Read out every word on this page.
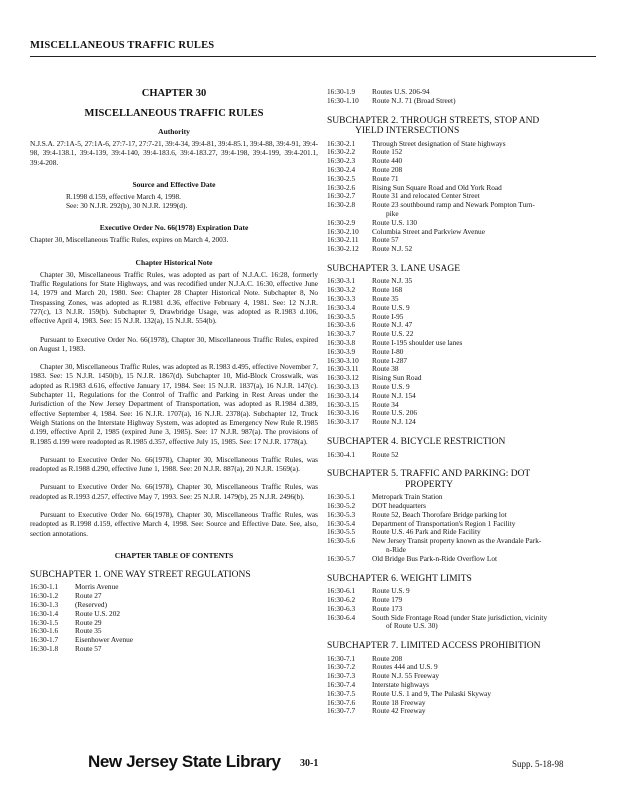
MISCELLANEOUS TRAFFIC RULES
CHAPTER 30
MISCELLANEOUS TRAFFIC RULES
Authority
N.J.S.A. 27:1A-5, 27:1A-6, 27:7-17, 27:7-21, 39:4-34, 39:4-81, 39:4-85.1, 39:4-88, 39:4-91, 39:4-98, 39:4-138.1, 39:4-139, 39:4-140, 39:4-183.6, 39:4-183.27, 39:4-198, 39:4-199, 39:4-201.1, 39:4-208.
Source and Effective Date
R.1998 d.159, effective March 4, 1998.
See: 30 N.J.R. 292(b), 30 N.J.R. 1299(d).
Executive Order No. 66(1978) Expiration Date
Chapter 30, Miscellaneous Traffic Rules, expires on March 4, 2003.
Chapter Historical Note
Chapter 30, Miscellaneous Traffic Rules, was adopted as part of N.J.A.C. 16:28, formerly Traffic Regulations for State Highways, and was recodified under N.J.A.C. 16:30, effective June 14, 1979 and March 20, 1980. See: Chapter 28 Chapter Historical Note. Subchapter 8, No Trespassing Zones, was adopted as R.1981 d.36, effective February 4, 1981. See: 12 N.J.R. 727(c), 13 N.J.R. 159(b). Subchapter 9, Drawbridge Usage, was adopted as R.1983 d.106, effective April 4, 1983. See: 15 N.J.R. 132(a), 15 N.J.R. 554(b).
Pursuant to Executive Order No. 66(1978), Chapter 30, Miscellaneous Traffic Rules, expired on August 1, 1983.
Chapter 30, Miscellaneous Traffic Rules, was adopted as R.1983 d.495, effective November 7, 1983. See: 15 N.J.R. 1450(b), 15 N.J.R. 1867(d). Subchapter 10, Mid-Block Crosswalk, was adopted as R.1983 d.616, effective January 17, 1984. See: 15 N.J.R. 1837(a), 16 N.J.R. 147(c). Subchapter 11, Regulations for the Control of Traffic and Parking in Rest Areas under the Jurisdiction of the New Jersey Department of Transportation, was adopted as R.1984 d.389, effective September 4, 1984. See: 16 N.J.R. 1707(a), 16 N.J.R. 2378(a). Subchapter 12, Truck Weigh Stations on the Interstate Highway System, was adopted as Emergency New Rule R.1985 d.199, effective April 2, 1985 (expired June 3, 1985). See: 17 N.J.R. 987(a). The provisions of R.1985 d.199 were readopted as R.1985 d.357, effective July 15, 1985. See: 17 N.J.R. 1778(a).
Pursuant to Executive Order No. 66(1978), Chapter 30, Miscellaneous Traffic Rules, was readopted as R.1988 d.290, effective June 1, 1988. See: 20 N.J.R. 887(a), 20 N.J.R. 1569(a).
Pursuant to Executive Order No. 66(1978), Chapter 30, Miscellaneous Traffic Rules, was readopted as R.1993 d.257, effective May 7, 1993. See: 25 N.J.R. 1479(b), 25 N.J.R. 2496(b).
Pursuant to Executive Order No. 66(1978), Chapter 30, Miscellaneous Traffic Rules, was readopted as R.1998 d.159, effective March 4, 1998. See: Source and Effective Date. See, also, section annotations.
CHAPTER TABLE OF CONTENTS
SUBCHAPTER 1. ONE WAY STREET REGULATIONS
16:30-1.1	Morris Avenue
16:30-1.2	Route 27
16:30-1.3	(Reserved)
16:30-1.4	Route U.S. 202
16:30-1.5	Route 29
16:30-1.6	Route 35
16:30-1.7	Eisenhower Avenue
16:30-1.8	Route 57
16:30-1.9	Routes U.S. 206-94
16:30-1.10	Route N.J. 71 (Broad Street)
SUBCHAPTER 2. THROUGH STREETS, STOP AND
YIELD INTERSECTIONS
16:30-2.1	Through Street designation of State highways
16:30-2.2	Route 152
16:30-2.3	Route 440
16:30-2.4	Route 208
16:30-2.5	Route 71
16:30-2.6	Rising Sun Square Road and Old York Road
16:30-2.7	Route 31 and relocated Center Street
16:30-2.8	Route 23 southbound ramp and Newark Pompton Turn-
pike
16:30-2.9	Route U.S. 130
16:30-2.10	Columbia Street and Parkview Avenue
16:30-2.11	Route 57
16:30-2.12	Route N.J. 52
SUBCHAPTER 3. LANE USAGE
16:30-3.1	Route N.J. 35
16:30-3.2	Route 168
16:30-3.3	Route 35
16:30-3.4	Route U.S. 9
16:30-3.5	Route I-95
16:30-3.6	Route N.J. 47
16:30-3.7	Route U.S. 22
16:30-3.8	Route I-195 shoulder use lanes
16:30-3.9	Route I-80
16:30-3.10	Route I-287
16:30-3.11	Route 38
16:30-3.12	Rising Sun Road
16:30-3.13	Route U.S. 9
16:30-3.14	Route N.J. 154
16:30-3.15	Route 34
16:30-3.16	Route U.S. 206
16:30-3.17	Route N.J. 124
SUBCHAPTER 4. BICYCLE RESTRICTION
16:30-4.1	Route 52
SUBCHAPTER 5. TRAFFIC AND PARKING: DOT
PROPERTY
16:30-5.1	Metropark Train Station
16:30-5.2	DOT headquarters
16:30-5.3	Route 52, Beach Thorofare Bridge parking lot
16:30-5.4	Department of Transportation's Region 1 Facility
16:30-5.5	Route U.S. 46 Park and Ride Facility
16:30-5.6	New Jersey Transit property known as the Avandale Park-
n-Ride
16:30-5.7	Old Bridge Bus Park-n-Ride Overflow Lot
SUBCHAPTER 6. WEIGHT LIMITS
16:30-6.1	Route U.S. 9
16:30-6.2	Route 179
16:30-6.3	Route 173
16:30-6.4	South Side Frontage Road (under State jurisdiction, vicinity
of Route U.S. 30)
SUBCHAPTER 7. LIMITED ACCESS PROHIBITION
16:30-7.1	Route 208
16:30-7.2	Routes 444 and U.S. 9
16:30-7.3	Route N.J. 55 Freeway
16:30-7.4	Interstate highways
16:30-7.5	Route U.S. 1 and 9, The Pulaski Skyway
16:30-7.6	Route 18 Freeway
16:30-7.7	Route 42 Freeway
New Jersey State Library 30-1	Supp. 5-18-98
